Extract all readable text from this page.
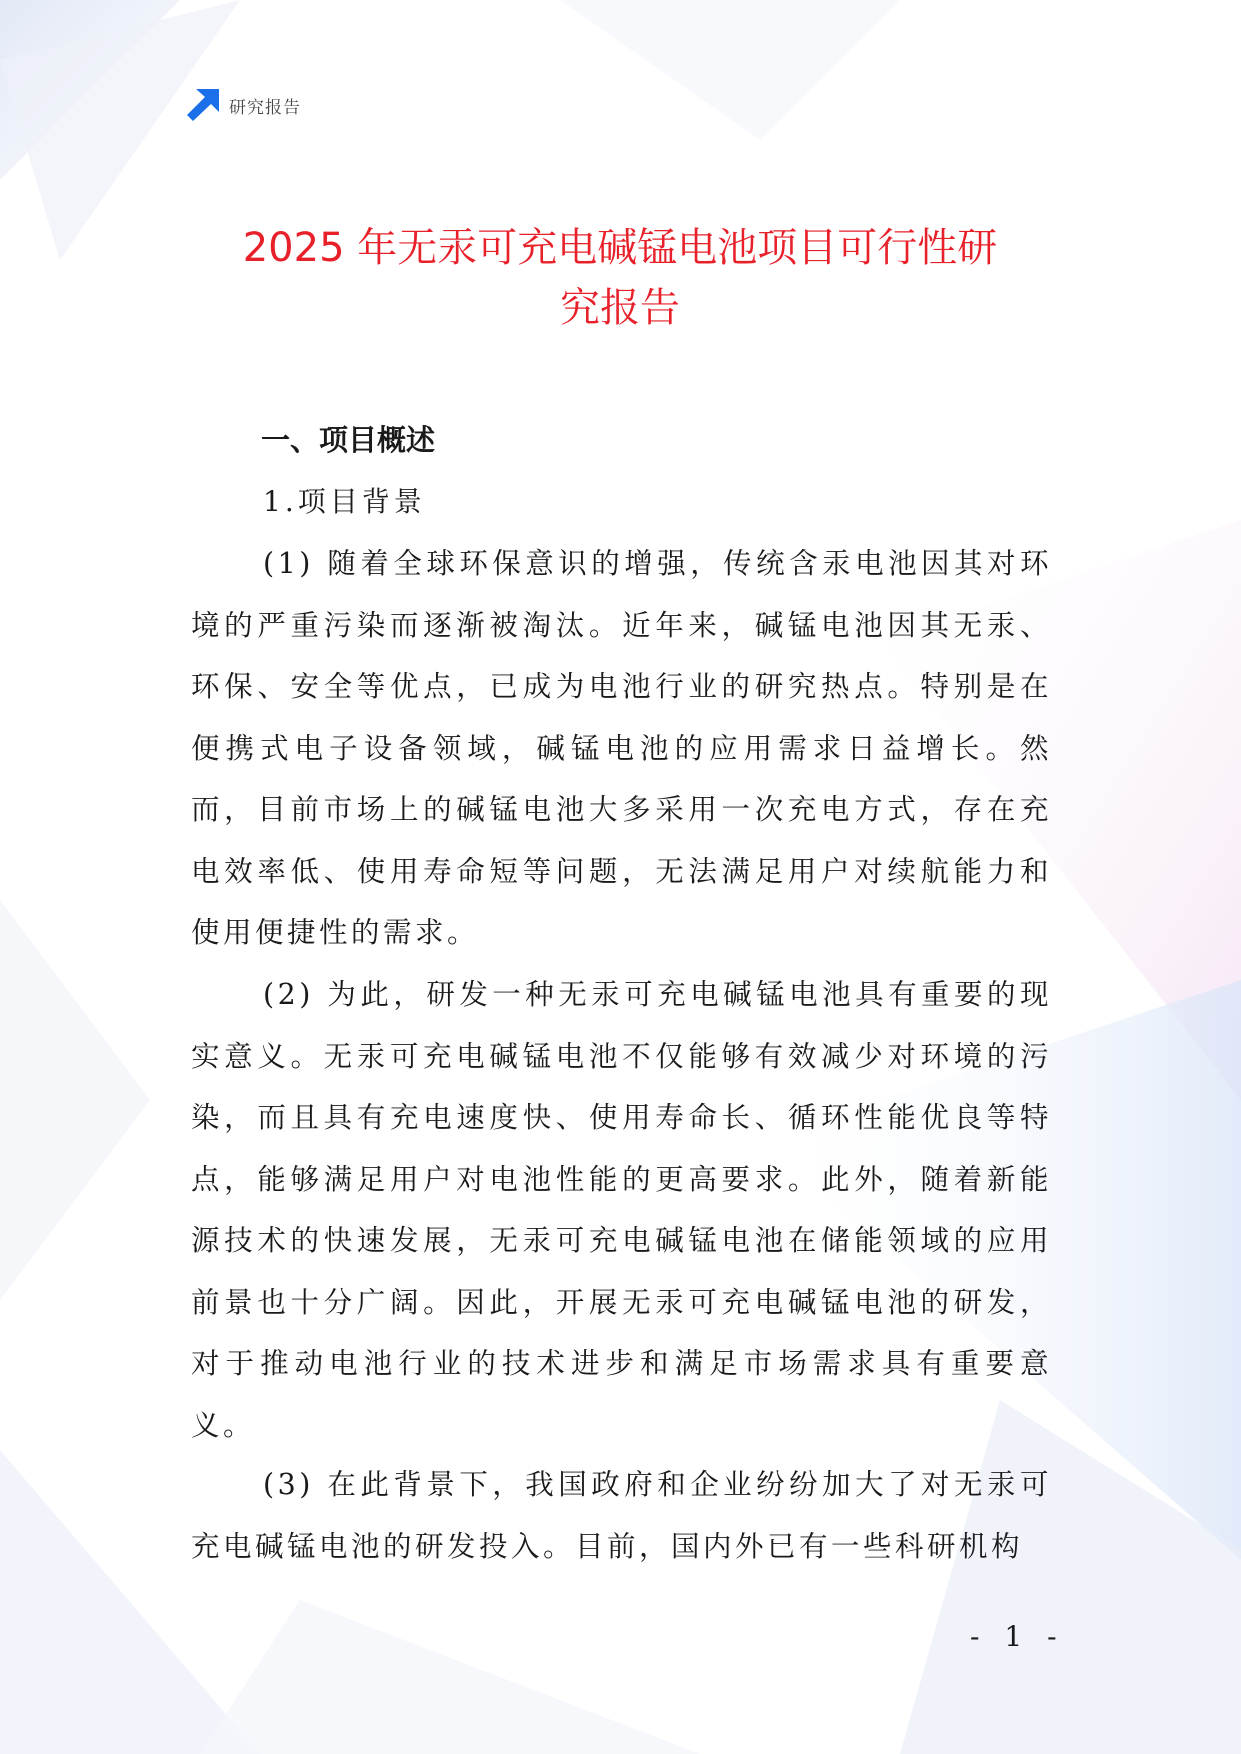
研究报告
2025 年无汞可充电碱锰电池项目可行性研
究报告
一、项目概述
1.项目背景

(1) 随着全球环保意识的增强，传统含汞电池因其对环境的严重污染而逐渐被淘汰。近年来，碱锰电池因其无汞、环保、安全等优点，已成为电池行业的研究热点。特别是在便携式电子设备领域，碱锰电池的应用需求日益增长。然而，目前市场上的碱锰电池大多采用一次充电方式，存在充电效率低、使用寿命短等问题，无法满足用户对续航能力和使用便捷性的需求。

(2) 为此，研发一种无汞可充电碱锰电池具有重要的现实意义。无汞可充电碱锰电池不仅能够有效减少对环境的污染，而且具有充电速度快、使用寿命长、循环性能优良等特点，能够满足用户对电池性能的更高要求。此外，随着新能源技术的快速发展，无汞可充电碱锰电池在储能领域的应用前景也十分广阔。因此，开展无汞可充电碱锰电池的研发，对于推动电池行业的技术进步和满足市场需求具有重要意义。

(3) 在此背景下，我国政府和企业纷纷加大了对无汞可充电碱锰电池的研发投入。目前，国内外已有一些科研机构

- 1 -
